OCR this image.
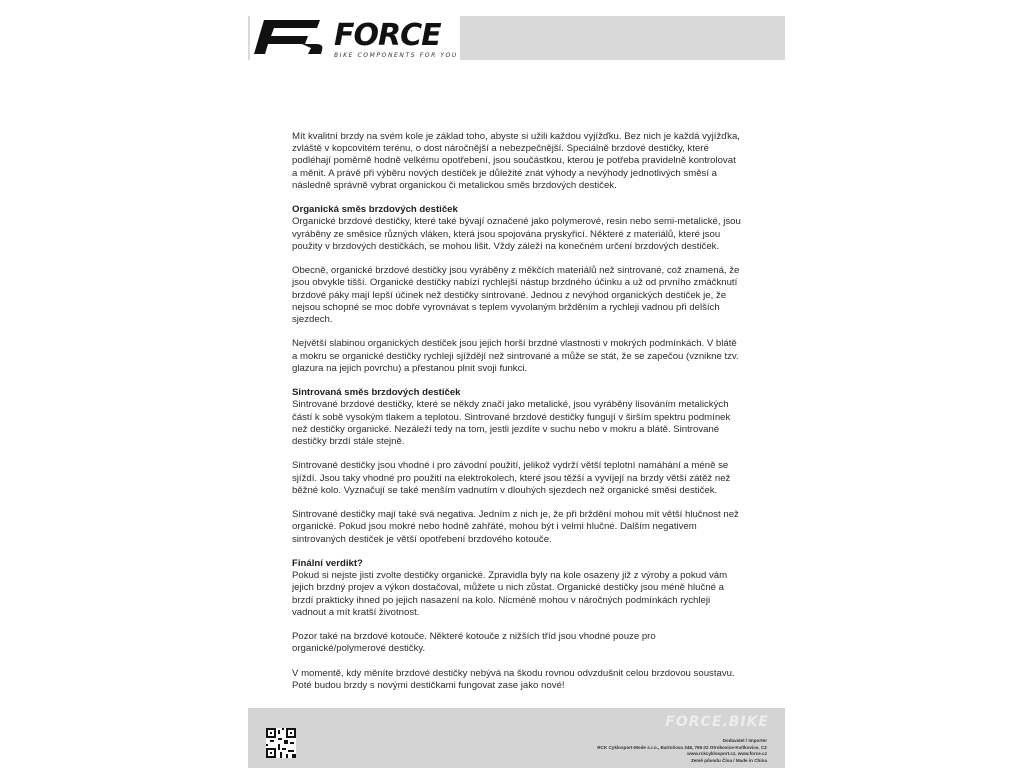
FORCE
BIKE COMPONENTS FOR YOU

Mít kvalitní brzdy na svém kole je základ toho, abyste si užili každou vyjížďku. Bez nich je každá vyjížďka, zvláště v kopcovitém terénu, o dost náročnější a nebezpečnější. Speciálně brzdové destičky, které podléhají poměrně hodně velkému opotřebení, jsou součástkou, kterou je potřeba pravidelně kontrolovat a měnit. A právě při výběru nových destiček je důležité znát výhody a nevýhody jednotlivých směsí a následně správně vybrat organickou či metalickou směs brzdových destiček.

Organická směs brzdových destiček

Organické brzdové destičky, které také bývají označené jako polymerové, resin nebo semi-metalické, jsou vyráběny ze směsice různých vláken, která jsou spojována pryskyřicí. Některé z materiálů, které jsou použity v brzdových destičkách, se mohou lišit. Vždy záleží na konečném určení brzdových destiček.

Obecně, organické brzdové destičky jsou vyráběny z měkčích materiálů než sintrované, což znamená, že jsou obvykle tišší. Organické destičky nabízí rychlejší nástup brzdného účinku a už od prvního zmáčknutí brzdové páky mají lepší účinek než destičky sintrované. Jednou z nevýhod organických destiček je, že nejsou schopné se moc dobře vyrovnávat s teplem vyvolaným bržděním a rychleji vadnou při delších sjezdech.

Největší slabinou organických destiček jsou jejich horší brzdné vlastnosti v mokrých podmínkách. V blátě a mokru se organické destičky rychleji sjíždějí než sintrované a může se stát, že se zapečou (vznikne tzv. glazura na jejich povrchu) a přestanou plnit svoji funkci.

Sintrovaná směs brzdových destiček

Sintrované brzdové destičky, které se někdy značí jako metalické, jsou vyráběny lisováním metalických částí k sobě vysokým tlakem a teplotou. Sintrované brzdové destičky fungují v širším spektru podmínek než destičky organické. Nezáleží tedy na tom, jestli jezdíte v suchu nebo v mokru a blátě. Sintrované destičky brzdí stále stejně.

Sintrované destičky jsou vhodné i pro závodní použití, jelikož vydrží větší teplotní namáhání a méně se sjíždí. Jsou taky vhodné pro použití na elektrokolech, které jsou těžší a vyvíjejí na brzdy větší zátěž než běžné kolo. Vyznačují se také menším vadnutím v dlouhých sjezdech než organické směsi destiček.

Sintrované destičky mají také svá negativa. Jedním z nich je, že při brždění mohou mít větší hlučnost než organické. Pokud jsou mokré nebo hodně zahřáté, mohou být i velmi hlučné. Dalším negativem sintrovaných destiček je větší opotřebení brzdového kotouče.

Finální verdikt?

Pokud si nejste jisti zvolte destičky organické. Zpravidla byly na kole osazeny již z výroby a pokud vám jejich brzdný projev a výkon dostačoval, můžete u nich zůstat. Organické destičky jsou méně hlučné a brzdí prakticky ihned po jejich nasazení na kolo. Nicméně mohou v náročných podmínkách rychleji vadnout a mít kratší životnost.

Pozor také na brzdové kotouče. Některé kotouče z nižších tříd jsou vhodné pouze pro organické/polymerové destičky.

V momentě, kdy měníte brzdové destičky nebývá na škodu rovnou odvzdušnit celou brzdovou soustavu. Poté budou brzdy s novými destičkami fungovat zase jako nové!

FORCE.BIKE
Dodavatel / Importer
RCK Cyklosport-Mode s.r.o., Bartošova 348, 765 02 Otrokovice-Kvítkovice, CZ
www.rckcyklosport.cz, www.force.cz
Země původu Čína / Made in China
